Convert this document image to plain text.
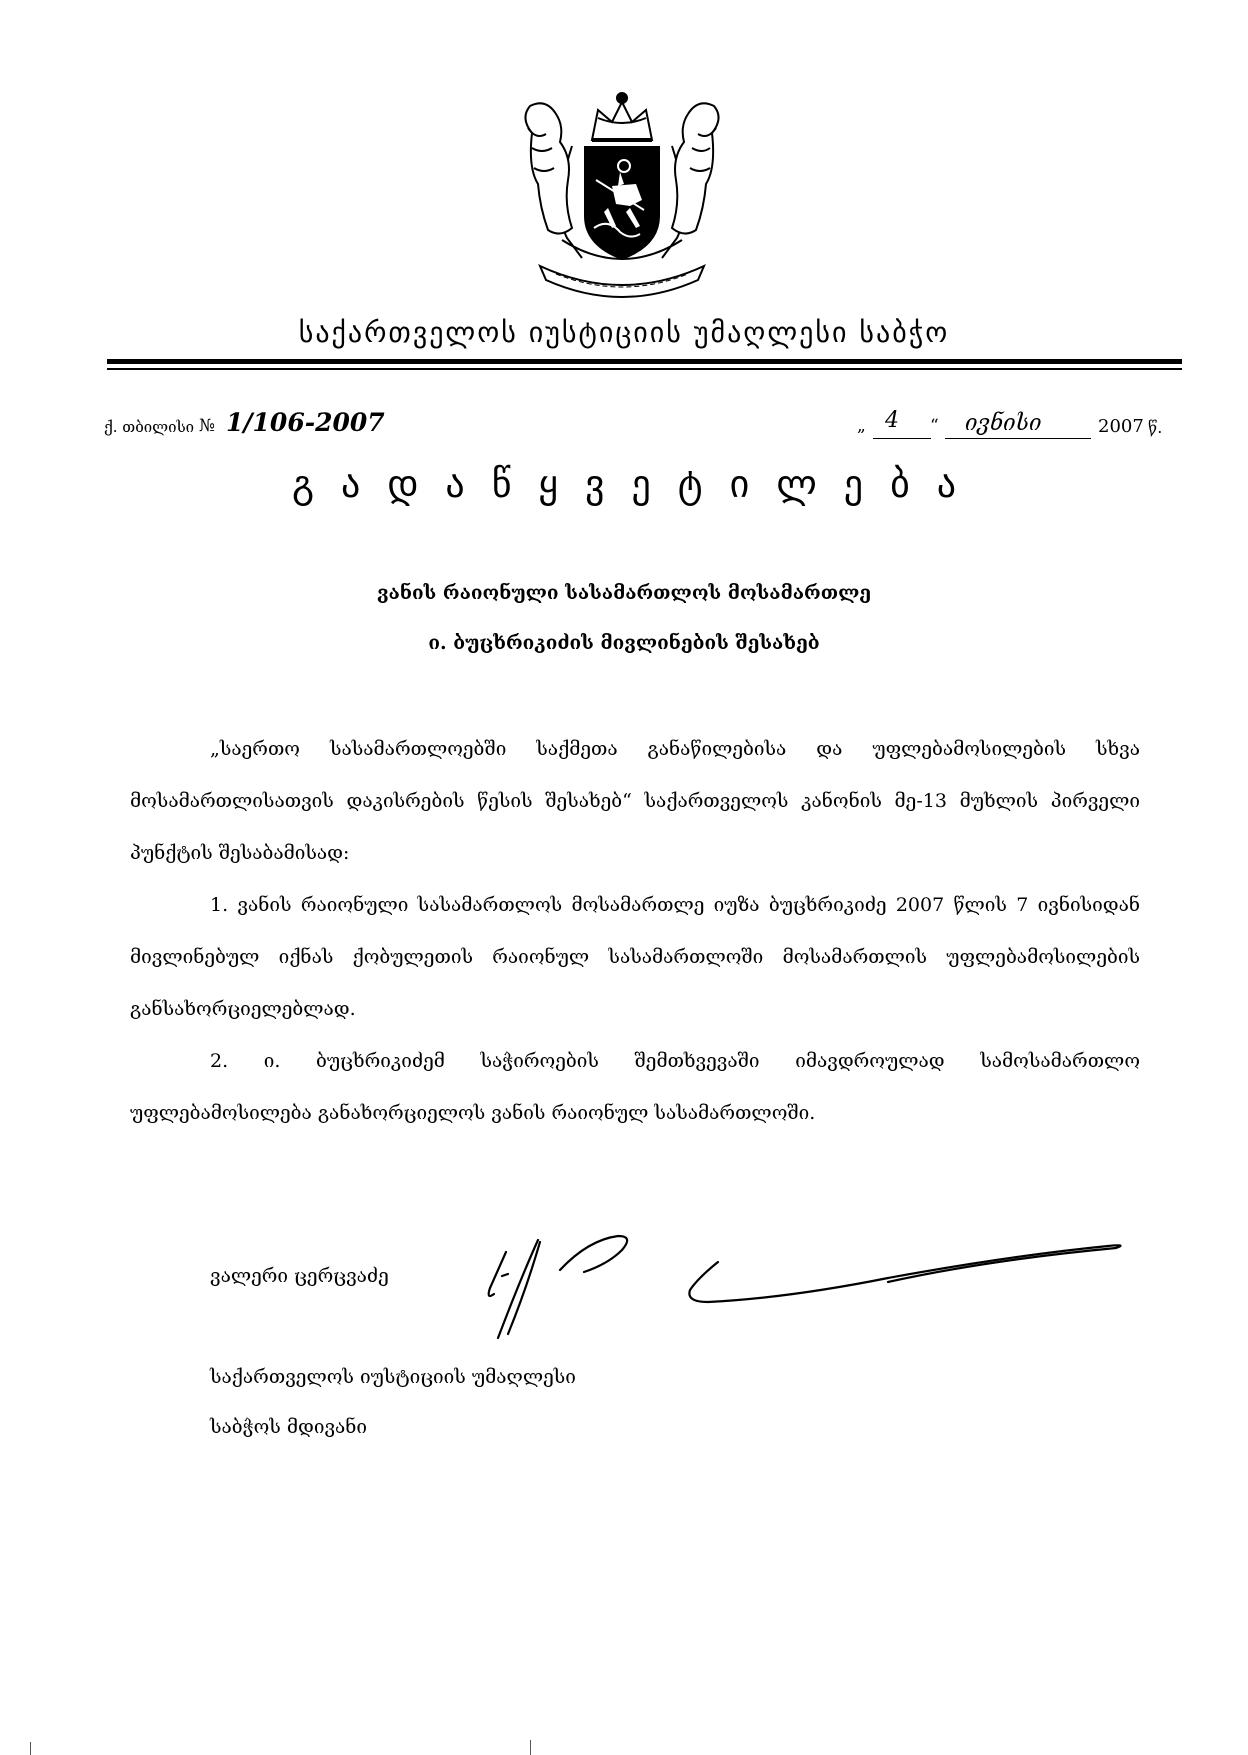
საქართველოს იუსტიციის უმაღლესი საბჭო
ქ. თბილისი № 1/106-2007	„ 4 “ ივნისი	2007 წ.
გადაწყვეტილება
ვანის რაიონული სასამართლოს მოსამართლე
ი. ბუცხრიკიძის მივლინების შესახებ

„საერთო სასამართლოებში საქმეთა განაწილებისა და უფლებამოსილების სხვა მოსამართლისათვის დაკისრების წესის შესახებ“ საქართველოს კანონის მე-13 მუხლის პირველი პუნქტის შესაბამისად:

1. ვანის რაიონული სასამართლოს მოსამართლე იუზა ბუცხრიკიძე 2007 წლის 7 ივნისიდან მივლინებულ იქნას ქობულეთის რაიონულ სასამართლოში მოსამართლის უფლებამოსილების განსახორციელებლად.

2. ი. ბუცხრიკიძემ საჭიროების შემთხვევაში იმავდროულად სამოსამართლო უფლებამოსილება განახორციელოს ვანის რაიონულ სასამართლოში.

ვალერი ცერცვაძე
საქართველოს იუსტიციის უმაღლესი
საბჭოს მდივანი
